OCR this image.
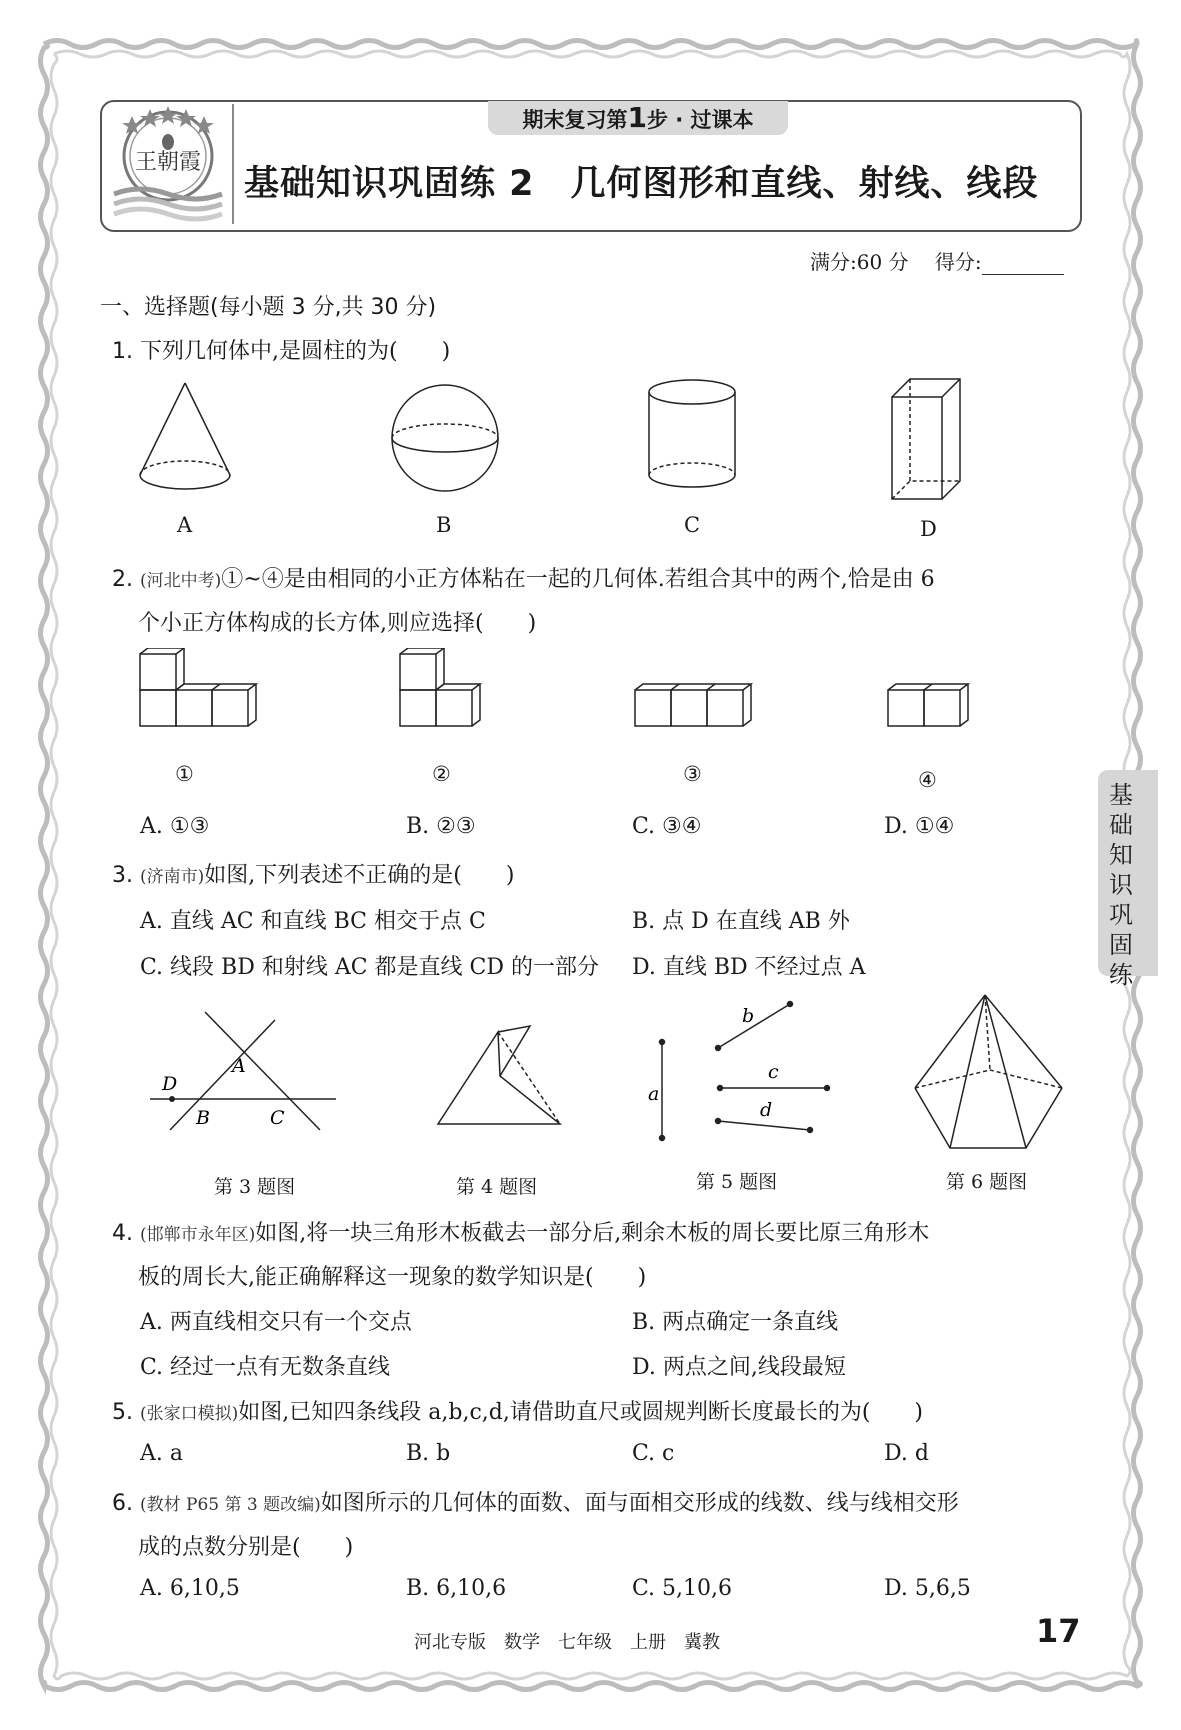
王朝霞
期末复习第1步 · 过课本
基础知识巩固练 2　几何图形和直线、射线、线段
满分:60 分　 得分:
一、选择题(每小题 3 分,共 30 分)
1. 下列几何体中,是圆柱的为(　　)
A	B	C	D
2. (河北中考)①~④是由相同的小正方体粘在一起的几何体.若组合其中的两个,恰是由 6
个小正方体构成的长方体,则应选择(　　)
①	②	③	④
A. ①③	B. ②③	C. ③④	D. ①④
3. (济南市)如图,下列表述不正确的是(　　)
A. 直线 AC 和直线 BC 相交于点 C	B. 点 D 在直线 AB 外
C. 线段 BD 和射线 AC 都是直线 CD 的一部分 D. 直线 BD 不经过点 A
D
A
B	C
a
b
c
d
第 3 题图	第 4 题图	第 5 题图	第 6 题图
4. (邯郸市永年区)如图,将一块三角形木板截去一部分后,剩余木板的周长要比原三角形木
板的周长大,能正确解释这一现象的数学知识是(　　)
A. 两直线相交只有一个交点	B. 两点确定一条直线
C. 经过一点有无数条直线	D. 两点之间,线段最短
5. (张家口模拟)如图,已知四条线段 a,b,c,d,请借助直尺或圆规判断长度最长的为(　　)
A. a	B. b	C. c	D. d
6. (教材 P65 第 3 题改编)如图所示的几何体的面数、面与面相交形成的线数、线与线相交形
成的点数分别是(　　)
A. 6,10,5	B. 6,10,6	C. 5,10,6	D. 5,6,5
基础知识巩固练
河北专版　数学　七年级　上册　冀教	17
